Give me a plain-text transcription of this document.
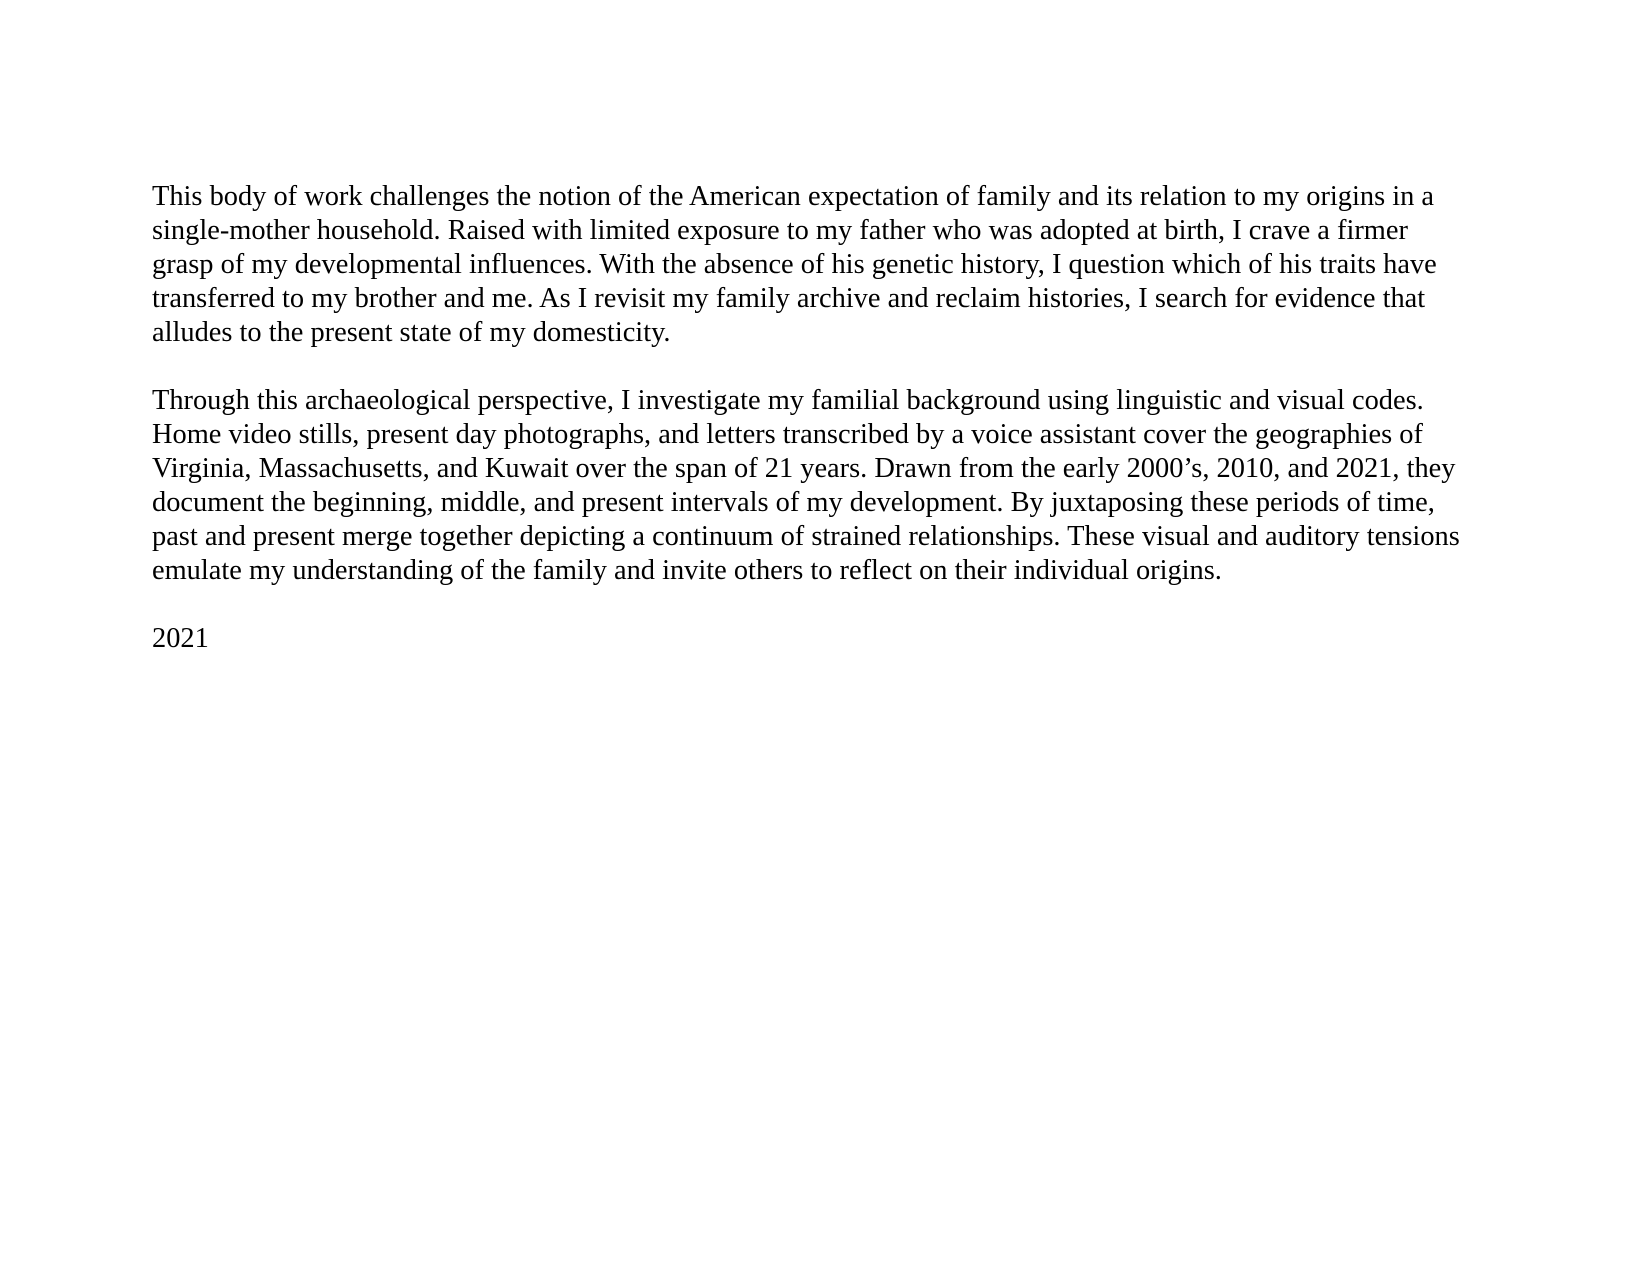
This body of work challenges the notion of the American expectation of family and its relation to my origins in a
single-mother household. Raised with limited exposure to my father who was adopted at birth, I crave a firmer
grasp of my developmental influences. With the absence of his genetic history, I question which of his traits have
transferred to my brother and me. As I revisit my family archive and reclaim histories, I search for evidence that
alludes to the present state of my domesticity.

Through this archaeological perspective, I investigate my familial background using linguistic and visual codes.
Home video stills, present day photographs, and letters transcribed by a voice assistant cover the geographies of
Virginia, Massachusetts, and Kuwait over the span of 21 years. Drawn from the early 2000’s, 2010, and 2021, they
document the beginning, middle, and present intervals of my development. By juxtaposing these periods of time,
past and present merge together depicting a continuum of strained relationships. These visual and auditory tensions
emulate my understanding of the family and invite others to reflect on their individual origins.

2021
